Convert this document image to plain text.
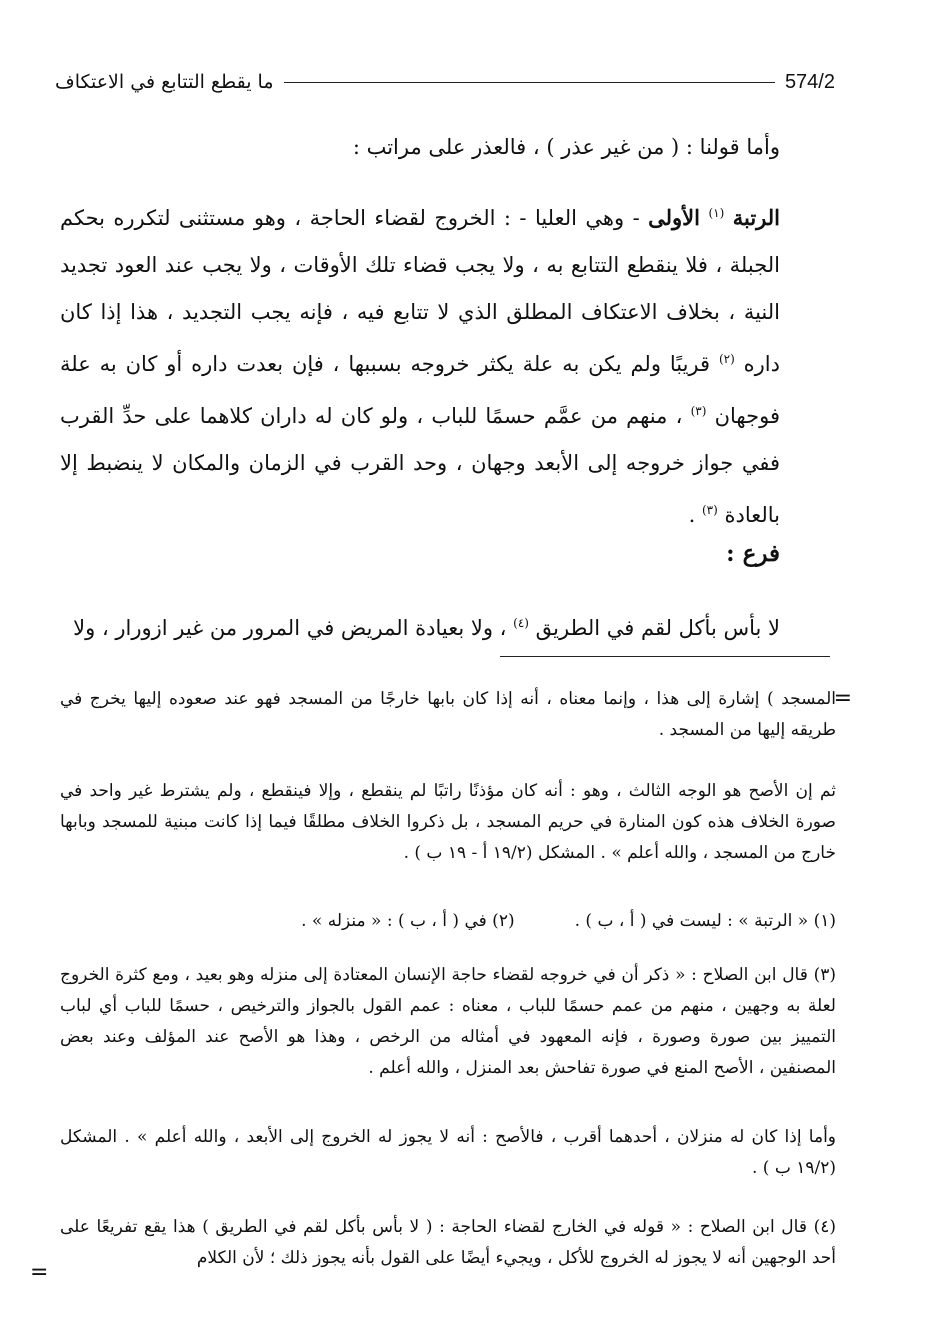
574/2
ما يقطع التتابع في الاعتكاف

وأما قولنا : ( من غير عذر ) ، فالعذر على مراتب :

الرتبة $^{(١)}$ الأولى - وهي العليا - : الخروج لقضاء الحاجة ، وهو مستثنى لتكرره بحكم الجبلة ، فلا ينقطع التتابع به ، ولا يجب قضاء تلك الأوقات ، ولا يجب عند العود تجديد النية ، بخلاف الاعتكاف المطلق الذي لا تتابع فيه ، فإنه يجب التجديد ، هذا إذا كان داره $^{(٢)}$ قريبًا ولم يكن به علة يكثر خروجه بسببها ، فإن بعدت داره أو كان به علة فوجهان $^{(٣)}$ ، منهم من عمَّم حسمًا للباب ، ولو كان له داران كلاهما على حدِّ القرب ففي جواز خروجه إلى الأبعد وجهان ، وحد القرب في الزمان والمكان لا ينضبط إلا بالعادة $^{(٣)}$ .

فرع :

لا بأس بأكل لقم في الطريق $^{(٤)}$ ، ولا بعيادة المريض في المرور من غير ازورار ، ولا

=

المسجد ) إشارة إلى هذا ، وإنما معناه ، أنه إذا كان بابها خارجًا من المسجد فهو عند صعوده إليها يخرج في طريقه إليها من المسجد .

ثم إن الأصح هو الوجه الثالث ، وهو : أنه كان مؤذنًا راتبًا لم ينقطع ، وإلا فينقطع ، ولم يشترط غير واحد في صورة الخلاف هذه كون المنارة في حريم المسجد ، بل ذكروا الخلاف مطلقًا فيما إذا كانت مبنية للمسجد وبابها خارج من المسجد ، والله أعلم » . المشكل (١٩/٢ أ - ١٩ ب ) .

(١) « الرتبة » : ليست في ( أ ، ب ) .
(٢) في ( أ ، ب ) : « منزله » .

(٣) قال ابن الصلاح : « ذكر أن في خروجه لقضاء حاجة الإنسان المعتادة إلى منزله وهو بعيد ، ومع كثرة الخروج لعلة به وجهين ، منهم من عمم حسمًا للباب ، معناه : عمم القول بالجواز والترخيص ، حسمًا للباب أي لباب التمييز بين صورة وصورة ، فإنه المعهود في أمثاله من الرخص ، وهذا هو الأصح عند المؤلف وعند بعض المصنفين ، الأصح المنع في صورة تفاحش بعد المنزل ، والله أعلم .

وأما إذا كان له منزلان ، أحدهما أقرب ، فالأصح : أنه لا يجوز له الخروج إلى الأبعد ، والله أعلم » . المشكل (١٩/٢ ب ) .

(٤) قال ابن الصلاح : « قوله في الخارج لقضاء الحاجة : ( لا بأس بأكل لقم في الطريق ) هذا يقع تفريعًا على أحد الوجهين أنه لا يجوز له الخروج للأكل ، ويجيء أيضًا على القول بأنه يجوز ذلك ؛ لأن الكلام

=
